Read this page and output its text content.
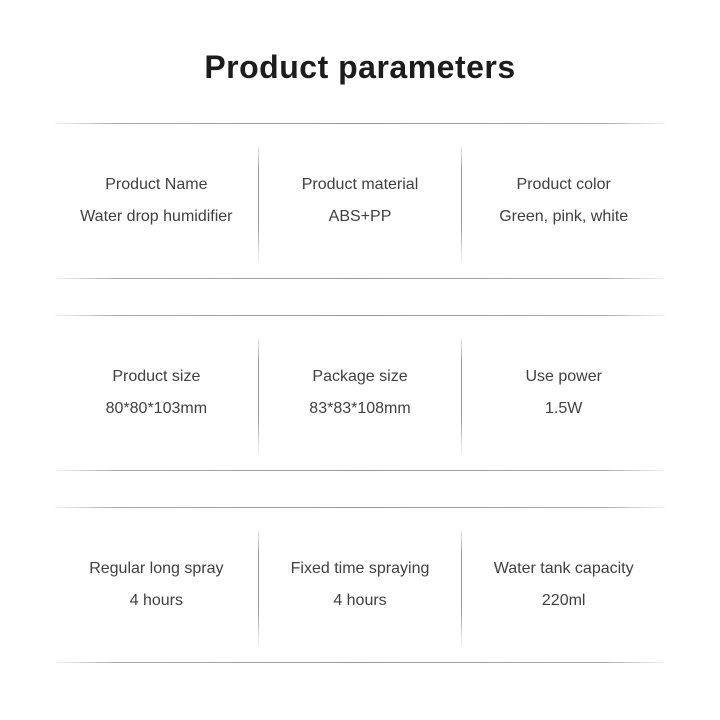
Product parameters
Product Name
Water drop humidifier
Product material
ABS+PP
Product color
Green, pink, white
Product size
80*80*103mm
Package size
83*83*108mm
Use power
1.5W
Regular long spray
4 hours
Fixed time spraying
4 hours
Water tank capacity
220ml
